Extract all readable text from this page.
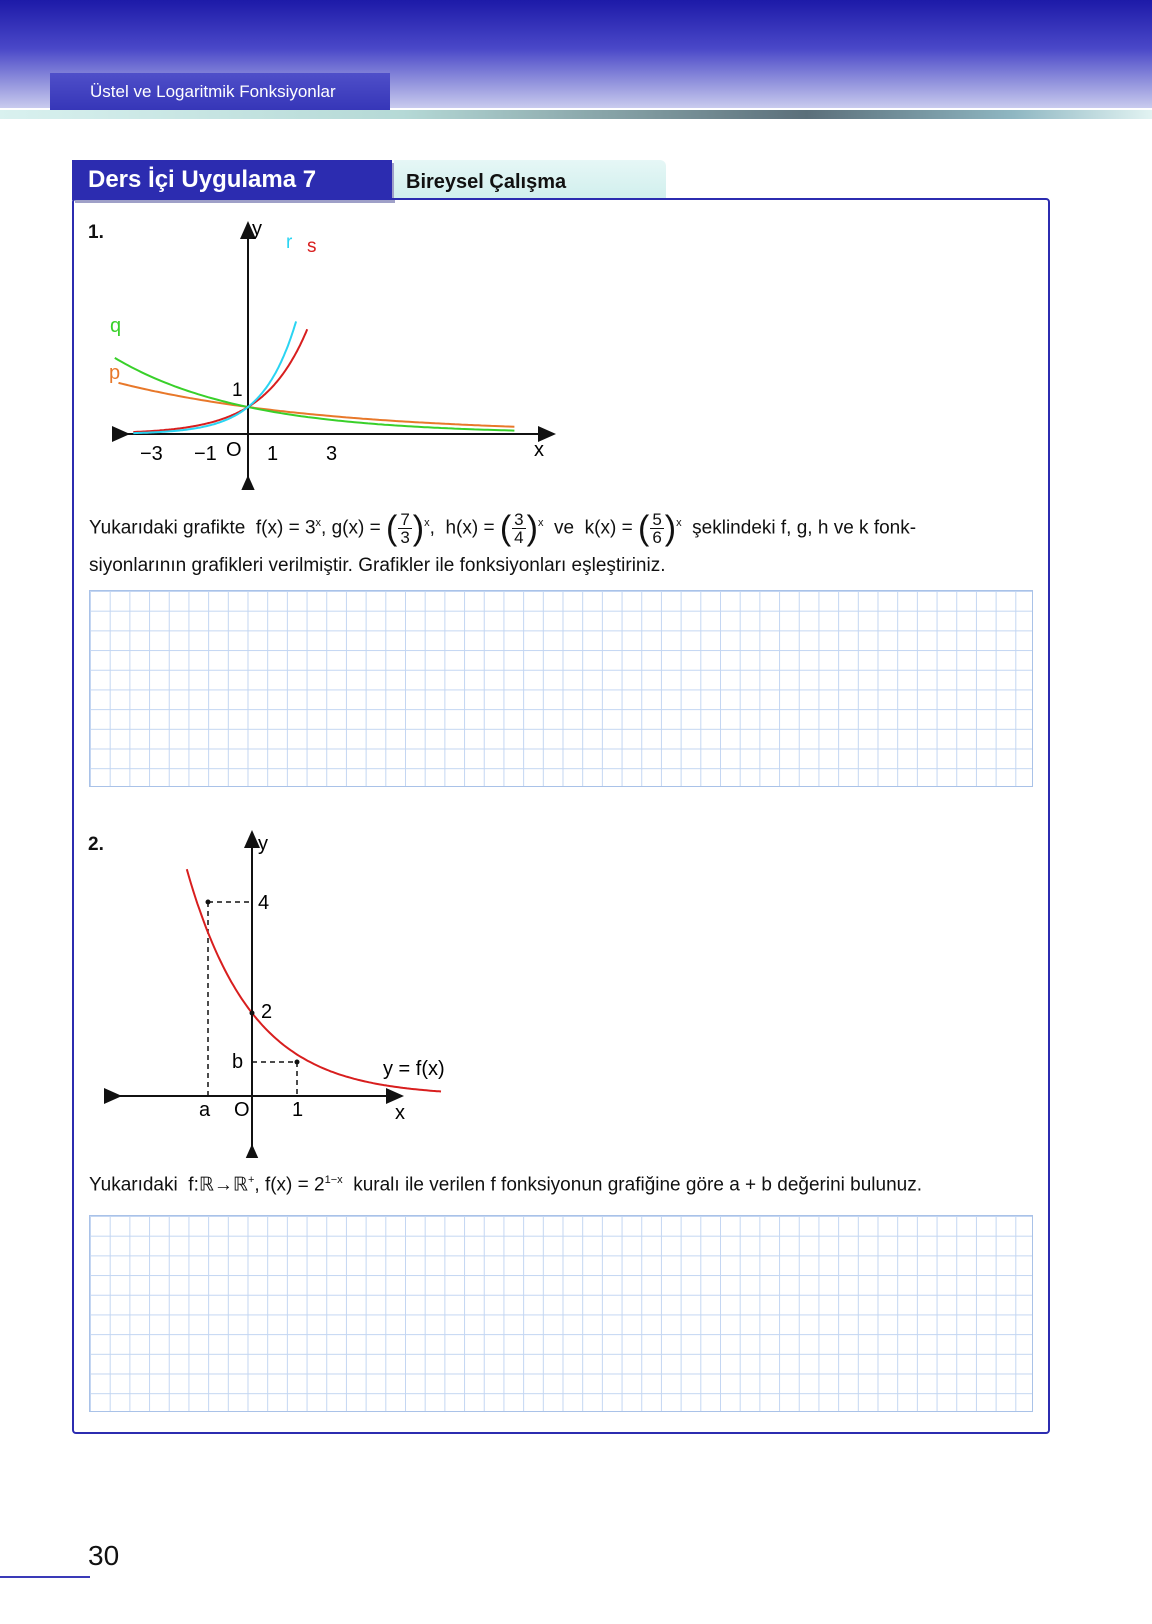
Üstel ve Logaritmik Fonksiyonlar
Ders İçi Uygulama 7	Bireysel Çalışma
1.	y
x
O
1
−3 −1	1 3
r s
q
p
Yukarıdaki grafikte $f(x) = 3^x$, g(x) = ( $\frac{7}{3} )^x$,  h(x) = ( $\frac{3}{4} )^x$ ve k(x) = ( $\frac{5}{6} )^x$ şeklindeki f, g, h ve k fonk-
siyonlarının grafikleri verilmiştir. Grafikler ile fonksiyonları eşleştiriniz.
2.	y
x
O
4
2
b
a	1
y = f(x)
Yukarıdaki f:ℝ→ℝ+, $f(x) = 2^{1-x}$ kuralı ile verilen f fonksiyonun grafiğine göre a + b değerini bulunuz.
30
